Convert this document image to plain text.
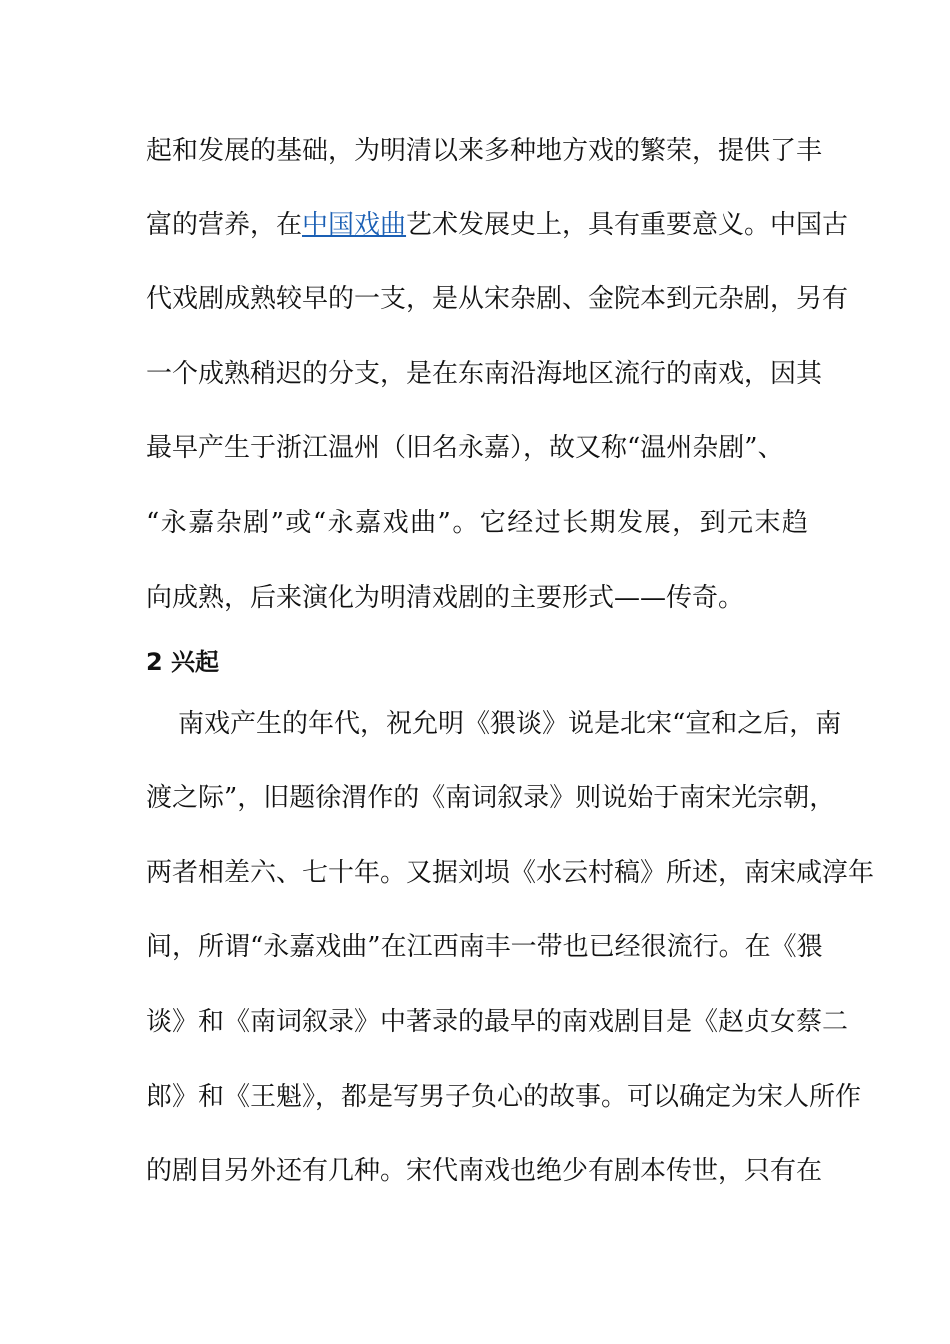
起和发展的基础，为明清以来多种地方戏的繁荣，提供了丰
富的营养，在中国戏曲艺术发展史上，具有重要意义。中国古
代戏剧成熟较早的一支，是从宋杂剧、金院本到元杂剧，另有
一个成熟稍迟的分支，是在东南沿海地区流行的南戏，因其
最早产生于浙江温州（旧名永嘉），故又称“温州杂剧”、
“永嘉杂剧”或“永嘉戏曲”。它经过长期发展，到元末趋
向成熟，后来演化为明清戏剧的主要形式——传奇。
2 兴起
南戏产生的年代，祝允明《猥谈》说是北宋“宣和之后，南
渡之际”，旧题徐渭作的《南词叙录》则说始于南宋光宗朝，
两者相差六、七十年。又据刘埙《水云村稿》所述，南宋咸淳年
间，所谓“永嘉戏曲”在江西南丰一带也已经很流行。在《猥
谈》和《南词叙录》中著录的最早的南戏剧目是《赵贞女蔡二
郎》和《王魁》，都是写男子负心的故事。可以确定为宋人所作
的剧目另外还有几种。宋代南戏也绝少有剧本传世，只有在
